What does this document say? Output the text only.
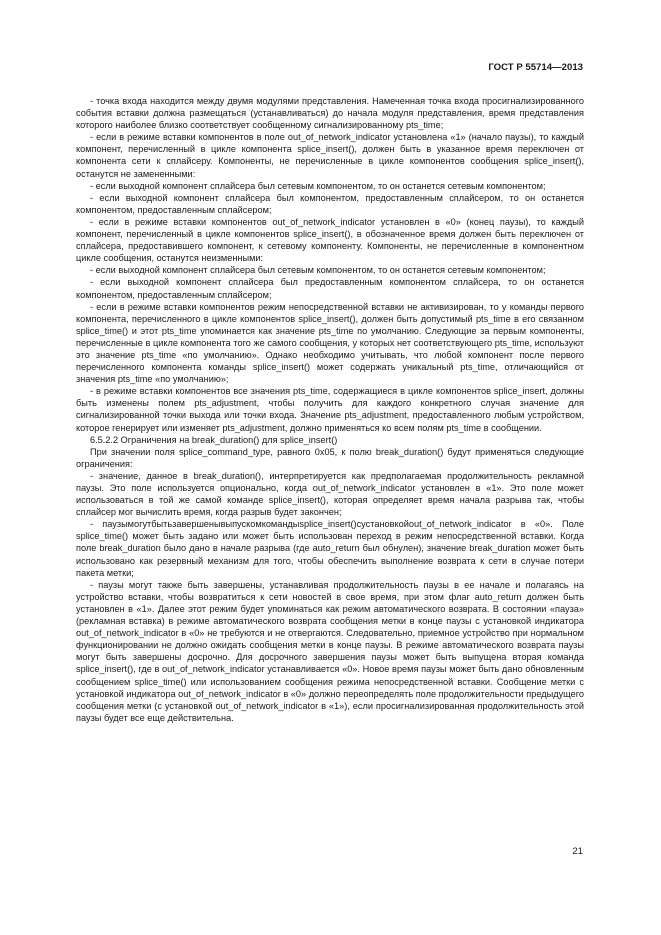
ГОСТ Р 55714—2013

- точка входа находится между двумя модулями представления. Намеченная точка входа просигнализированного события вставки должна размещаться (устанавливаться) до начала модуля представления, время представления которого наиболее близко соответствует сообщенному сигнализированному pts_time;

- если в режиме вставки компонентов в поле out_of_network_indicator установлена «1» (начало паузы), то каждый компонент, перечисленный в цикле компонента splice_insert(), должен быть в указанное время переключен от компонента сети к сплайсеру. Компоненты, не перечисленные в цикле компонентов сообщения splice_insert(), останутся не замененными:

- если выходной компонент сплайсера был сетевым компонентом, то он останется сетевым компонентом;

- если выходной компонент сплайсера был компонентом, предоставленным сплайсером, то он останется компонентом, предоставленным сплайсером;

- если в режиме вставки компонентов out_of_network_indicator установлен в «0» (конец паузы), то каждый компонент, перечисленный в цикле компонентов splice_insert(), в обозначенное время должен быть переключен от сплайсера, предоставившего компонент, к сетевому компоненту. Компоненты, не перечисленные в компонентном цикле сообщения, останутся неизменными:

- если выходной компонент сплайсера был сетевым компонентом, то он останется сетевым компонентом;

- если выходной компонент сплайсера был предоставленным компонентом сплайсера, то он останется компонентом, предоставленным сплайсером;

- если в режиме вставки компонентов режим непосредственной вставки не активизирован, то у команды первого компонента, перечисленного в цикле компонентов splice_insert(), должен быть допустимый pts_time в его связанном splice_time() и этот pts_time упоминается как значение pts_time по умолчанию. Следующие за первым компоненты, перечисленные в цикле компонента того же самого сообщения, у которых нет соответствующего pts_time, используют это значение pts_time «по умолчанию». Однако необходимо учитывать, что любой компонент после первого перечисленного компонента команды splice_insert() может содержать уникальный pts_time, отличающийся от значения pts_time «по умолчанию»;

- в режиме вставки компонентов все значения pts_time, содержащиеся в цикле компонентов splice_insert, должны быть изменены полем pts_adjustment, чтобы получить для каждого конкретного случая значение для сигнализированной точки выхода или точки входа. Значение pts_adjustment, предоставленного любым устройством, которое генерирует или изменяет pts_adjustment, должно применяться ко всем полям pts_time в сообщении.

6.5.2.2 Ограничения на break_duration() для splice_insert()

При значении поля splice_command_type, равного 0x05, к полю break_duration() будут применяться следующие ограничения:

- значение, данное в break_duration(), интерпретируется как предполагаемая продолжительность рекламной паузы. Это поле используется опционально, когда out_of_network_indicator установлен в «1». Это поле может использоваться в той же самой команде splice_insert(), которая определяет время начала разрыва так, чтобы сплайсер мог вычислить время, когда разрыв будет закончен;

- паузымогутбытьзавершенывыпускомкомандыsplice_insert()сустановкойout_of_network_indicator в «0». Поле splice_time() может быть задано или может быть использован переход в режим непосредственной вставки. Когда поле break_duration было дано в начале разрыва (где auto_return был обнулен), значение break_duration может быть использовано как резервный механизм для того, чтобы обеспечить выполнение возврата к сети в случае потери пакета метки;

- паузы могут также быть завершены, устанавливая продолжительность паузы в ее начале и полагаясь на устройство вставки, чтобы возвратиться к сети новостей в свое время, при этом флаг auto_return должен быть установлен в «1». Далее этот режим будет упоминаться как режим автоматического возврата. В состоянии «пауза» (рекламная вставка) в режиме автоматического возврата сообщения метки в конце паузы с установкой индикатора out_of_network_indicator в «0» не требуются и не отвергаются. Следовательно, приемное устройство при нормальном функционировании не должно ожидать сообщения метки в конце паузы. В режиме автоматического возврата паузы могут быть завершены досрочно. Для досрочного завершения паузы может быть выпущена вторая команда splice_insert(), где в out_of_network_indicator устанавливается «0». Новое время паузы может быть дано обновленным сообщением splice_time() или использованием сообщения режима непосредственной вставки. Сообщение метки с установкой индикатора out_of_network_indicator в «0» должно переопределять поле продолжительности предыдущего сообщения метки (с установкой out_of_network_indicator в «1»), если просигнализированная продолжительность этой паузы будет все еще действительна.

21
